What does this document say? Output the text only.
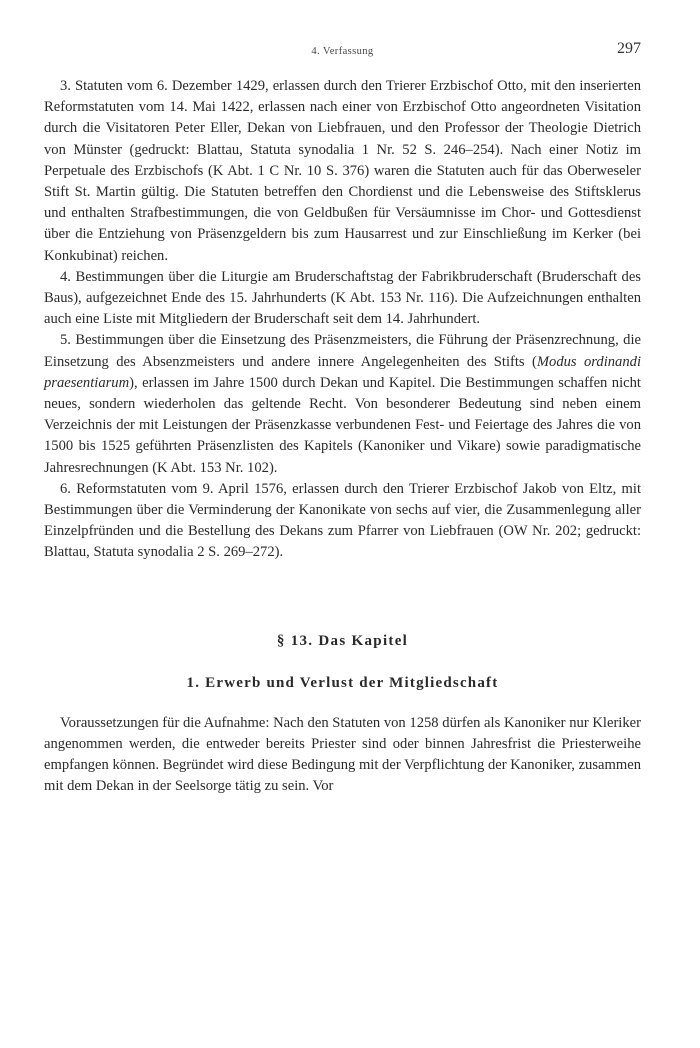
4. Verfassung	297

3. Statuten vom 6. Dezember 1429, erlassen durch den Trierer Erzbischof Otto, mit den inserierten Reformstatuten vom 14. Mai 1422, erlassen nach einer von Erzbischof Otto angeordneten Visitation durch die Visitatoren Peter Eller, Dekan von Liebfrauen, und den Professor der Theologie Dietrich von Münster (gedruckt: Blattau, Statuta synodalia 1 Nr. 52 S. 246–254). Nach einer Notiz im Perpetuale des Erzbischofs (K Abt. 1 C Nr. 10 S. 376) waren die Statuten auch für das Oberweseler Stift St. Martin gültig. Die Statuten betreffen den Chordienst und die Lebensweise des Stiftsklerus und enthalten Strafbestimmungen, die von Geldbußen für Versäumnisse im Chor- und Gottesdienst über die Entziehung von Präsenzgeldern bis zum Hausarrest und zur Einschließung im Kerker (bei Konkubinat) reichen.

4. Bestimmungen über die Liturgie am Bruderschaftstag der Fabrikbruderschaft (Bruderschaft des Baus), aufgezeichnet Ende des 15. Jahrhunderts (K Abt. 153 Nr. 116). Die Aufzeichnungen enthalten auch eine Liste mit Mitgliedern der Bruderschaft seit dem 14. Jahrhundert.

5. Bestimmungen über die Einsetzung des Präsenzmeisters, die Führung der Präsenzrechnung, die Einsetzung des Absenzmeisters und andere innere Angelegenheiten des Stifts (Modus ordinandi praesentiarum), erlassen im Jahre 1500 durch Dekan und Kapitel. Die Bestimmungen schaffen nicht neues, sondern wiederholen das geltende Recht. Von besonderer Bedeutung sind neben einem Verzeichnis der mit Leistungen der Präsenzkasse verbundenen Fest- und Feiertage des Jahres die von 1500 bis 1525 geführten Präsenzlisten des Kapitels (Kanoniker und Vikare) sowie paradigmatische Jahresrechnungen (K Abt. 153 Nr. 102).

6. Reformstatuten vom 9. April 1576, erlassen durch den Trierer Erzbischof Jakob von Eltz, mit Bestimmungen über die Verminderung der Kanonikate von sechs auf vier, die Zusammenlegung aller Einzelpfründen und die Bestellung des Dekans zum Pfarrer von Liebfrauen (OW Nr. 202; gedruckt: Blattau, Statuta synodalia 2 S. 269–272).

§ 13. Das Kapitel
1. Erwerb und Verlust der Mitgliedschaft

Voraussetzungen für die Aufnahme: Nach den Statuten von 1258 dürfen als Kanoniker nur Kleriker angenommen werden, die entweder bereits Priester sind oder binnen Jahresfrist die Priesterweihe empfangen können. Begründet wird diese Bedingung mit der Verpflichtung der Kanoniker, zusammen mit dem Dekan in der Seelsorge tätig zu sein. Vor
